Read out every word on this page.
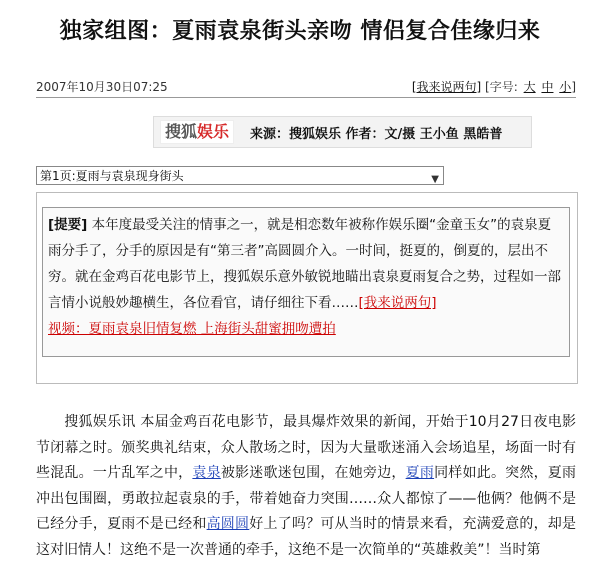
独家组图：夏雨袁泉街头亲吻 情侣复合佳缘归来
2007年10月30日07:25	[我来说两句] [字号: 大 中 小]
搜狐娱乐	来源：搜狐娱乐 作者：文/摄 王小鱼 黑皓普
第1页:夏雨与袁泉现身街头	▼
[提要] 本年度最受关注的情事之一，就是相恋数年被称作娱乐圈“金童玉女”的袁泉夏雨分手了，分手的原因是有“第三者”高圆圆介入。一时间，挺夏的，倒夏的，层出不穷。就在金鸡百花电影节上，搜狐娱乐意外敏锐地瞄出袁泉夏雨复合之势，过程如一部言情小说般妙趣横生，各位看官，请仔细往下看……[我来说两句]
视频：夏雨袁泉旧情复燃 上海街头甜蜜拥吻遭拍
  搜狐娱乐讯 本届金鸡百花电影节，最具爆炸效果的新闻，开始于10月27日夜电影节闭幕之时。颁奖典礼结束，众人散场之时，因为大量歌迷涌入会场追星，场面一时有些混乱。一片乱军之中，袁泉被影迷歌迷包围，在她旁边，夏雨同样如此。突然，夏雨冲出包围圈，勇敢拉起袁泉的手，带着她奋力突围……众人都惊了——他俩？他俩不是已经分手，夏雨不是已经和高圆圆好上了吗？可从当时的情景来看，充满爱意的，却是这对旧情人！这绝不是一次普通的牵手，这绝不是一次简单的“英雄救美”！当时第
